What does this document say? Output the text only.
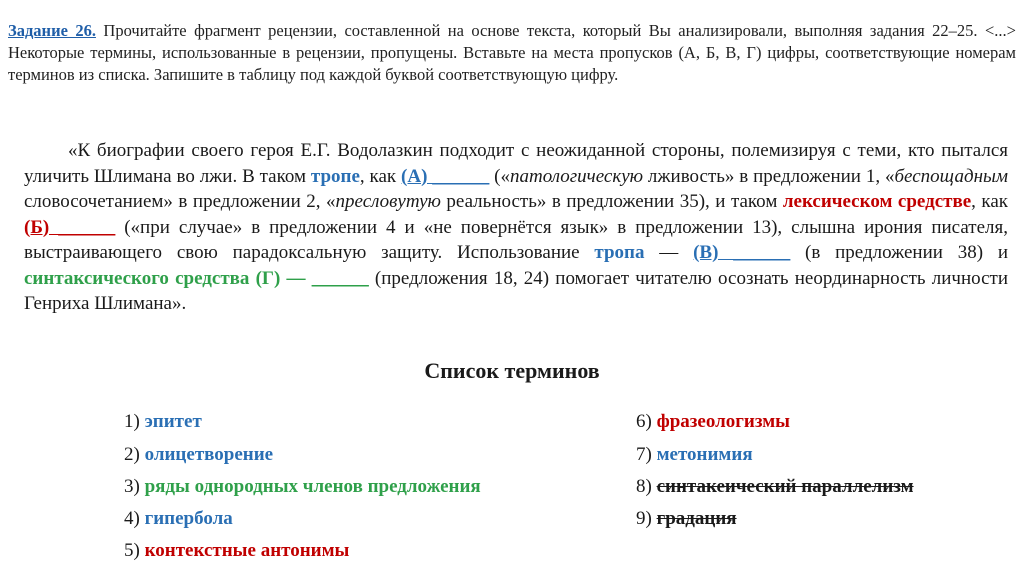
Задание 26. Прочитайте фрагмент рецензии, составленной на основе текста, который Вы анализировали, выполняя задания 22–25. <...> Некоторые термины, использованные в рецензии, пропущены. Вставьте на места пропусков (А, Б, В, Г) цифры, соответствующие номерам терминов из списка. Запишите в таблицу под каждой буквой соответствующую цифру.
«К биографии своего героя Е.Г. Водолазкин подходит с неожиданной стороны, полемизируя с теми, кто пытался уличить Шлимана во лжи. В таком тропе, как (А) ______ («патологическую лживость» в предложении 1, «беспощадным словосочетанием» в предложении 2, «пресловутую реальность» в предложении 35), и таком лексическом средстве, как (Б) ______ («при случае» в предложении 4 и «не повернётся язык» в предложении 13), слышна ирония писателя, выстраивающего свою парадоксальную защиту. Использование тропа — (В) ______ (в предложении 38) и синтаксического средства (Г) — ______ (предложения 18, 24) помогает читателю осознать неординарность личности Генриха Шлимана».
Список терминов
1) эпитет
2) олицетворение
3) ряды однородных членов предложения
4) гипербола
5) контекстные антонимы
6) фразеологизмы
7) метонимия
8) синтакеический параллелизм
9) градация
